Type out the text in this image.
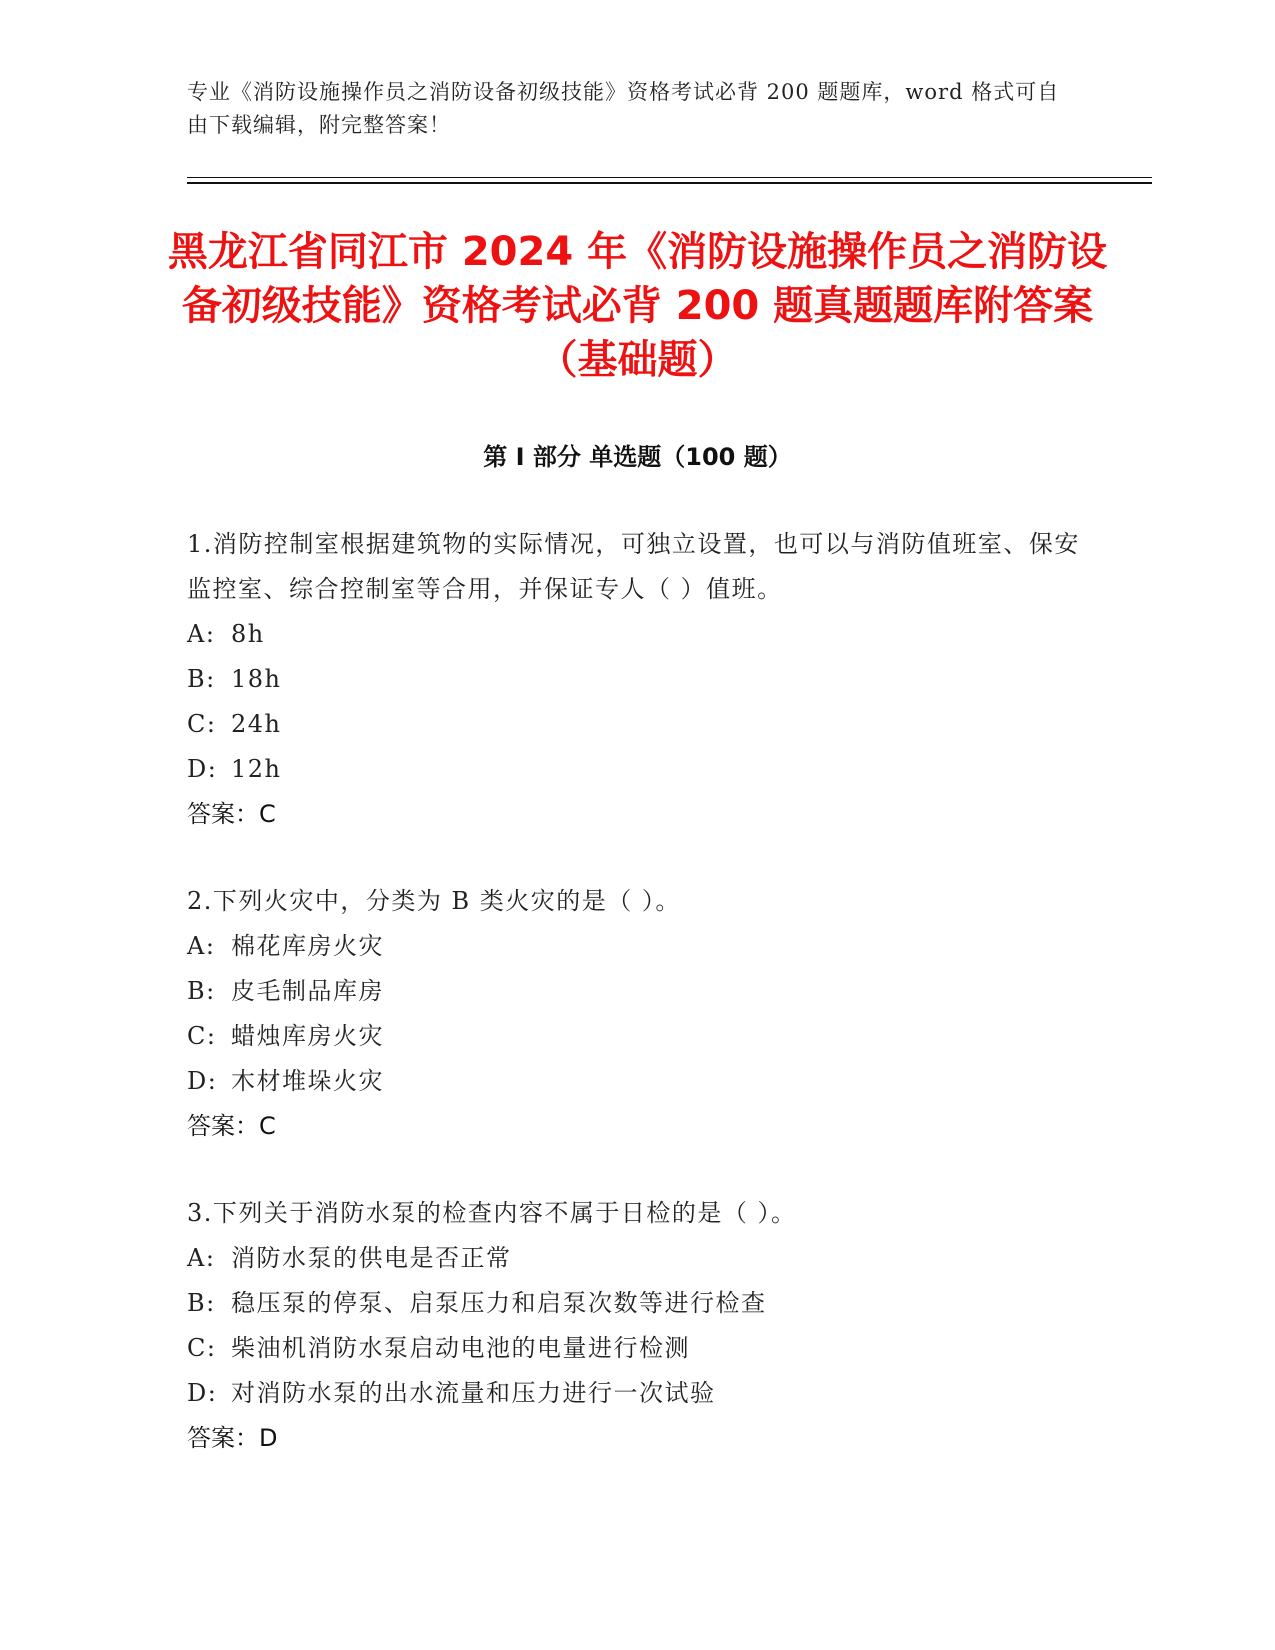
专业《消防设施操作员之消防设备初级技能》资格考试必背 200 题题库，word 格式可自由下载编辑，附完整答案！
黑龙江省同江市 2024 年《消防设施操作员之消防设备初级技能》资格考试必背 200 题真题题库附答案（基础题）
第 I 部分 单选题（100 题）
1.消防控制室根据建筑物的实际情况，可独立设置，也可以与消防值班室、保安监控室、综合控制室等合用，并保证专人（ ）值班。
A: 8h
B: 18h
C: 24h
D: 12h
答案：C
2.下列火灾中，分类为 B 类火灾的是（ ）。
A: 棉花库房火灾
B: 皮毛制品库房
C: 蜡烛库房火灾
D: 木材堆垛火灾
答案：C
3.下列关于消防水泵的检查内容不属于日检的是（ ）。
A: 消防水泵的供电是否正常
B: 稳压泵的停泵、启泵压力和启泵次数等进行检查
C: 柴油机消防水泵启动电池的电量进行检测
D: 对消防水泵的出水流量和压力进行一次试验
答案：D
